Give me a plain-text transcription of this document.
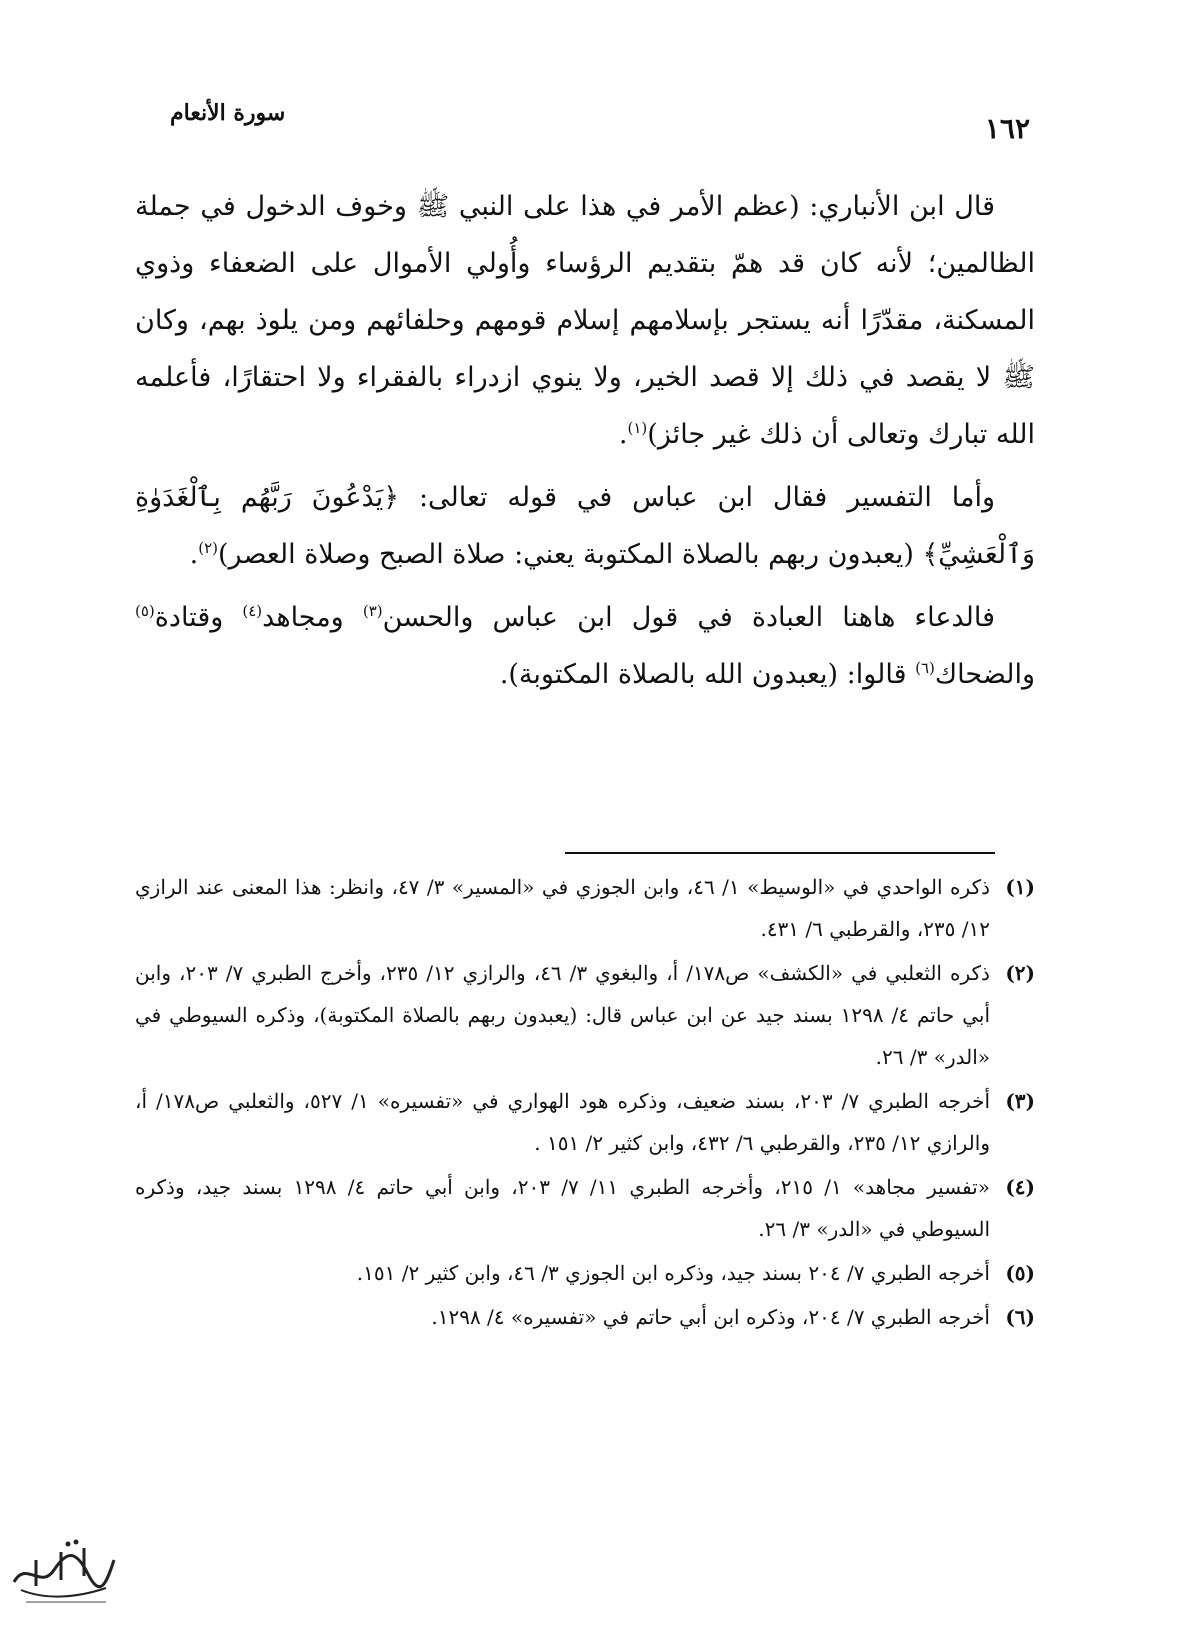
سورة الأنعام	١٦٢

قال ابن الأنباري: (عظم الأمر في هذا على النبي ﷺ وخوف الدخول في جملة الظالمين؛ لأنه كان قد همّ بتقديم الرؤساء وأُولي الأموال على الضعفاء وذوي المسكنة، مقدّرًا أنه يستجر بإسلامهم إسلام قومهم وحلفائهم ومن يلوذ بهم، وكان ﷺ لا يقصد في ذلك إلا قصد الخير، ولا ينوي ازدراء بالفقراء ولا احتقارًا، فأعلمه الله تبارك وتعالى أن ذلك غير جائز)$^{(١)}$.

وأما التفسير فقال ابن عباس في قوله تعالى: ﴿يَدْعُونَ رَبَّهُم بِٱلْغَدَوٰةِ وَٱلْعَشِيِّ﴾ (يعبدون ربهم بالصلاة المكتوبة يعني: صلاة الصبح وصلاة العصر)$^{(٢)}$.

فالدعاء هاهنا العبادة في قول ابن عباس والحسن$^{(٣)}$ ومجاهد$^{(٤)}$ وقتادة$^{(٥)}$ والضحاك$^{(٦)}$ قالوا: (يعبدون الله بالصلاة المكتوبة).

(١)
ذكره الواحدي في «الوسيط» ١/ ٤٦، وابن الجوزي في «المسير» ٣/ ٤٧، وانظر: هذا المعنى عند الرازي ١٢/ ٢٣٥، والقرطبي ٦/ ٤٣١.
(٢)
ذكره الثعلبي في «الكشف» ص١٧٨/ أ، والبغوي ٣/ ٤٦، والرازي ١٢/ ٢٣٥، وأخرج الطبري ٧/ ٢٠٣، وابن أبي حاتم ٤/ ١٢٩٨ بسند جيد عن ابن عباس قال: (يعبدون ربهم بالصلاة المكتوبة)، وذكره السيوطي في «الدر» ٣/ ٢٦.
(٣)
أخرجه الطبري ٧/ ٢٠٣، بسند ضعيف، وذكره هود الهواري في «تفسيره» ١/ ٥٢٧، والثعلبي ص١٧٨/ أ، والرازي ١٢/ ٢٣٥، والقرطبي ٦/ ٤٣٢، وابن كثير ٢/ ١٥١ .
(٤)
«تفسير مجاهد» ١/ ٢١٥، وأخرجه الطبري ١١/ ٧/ ٢٠٣، وابن أبي حاتم ٤/ ١٢٩٨ بسند جيد، وذكره السيوطي في «الدر» ٣/ ٢٦.
(٥)
أخرجه الطبري ٧/ ٢٠٤ بسند جيد، وذكره ابن الجوزي ٣/ ٤٦، وابن كثير ٢/ ١٥١.
(٦)
أخرجه الطبري ٧/ ٢٠٤، وذكره ابن أبي حاتم في «تفسيره» ٤/ ١٢٩٨.
